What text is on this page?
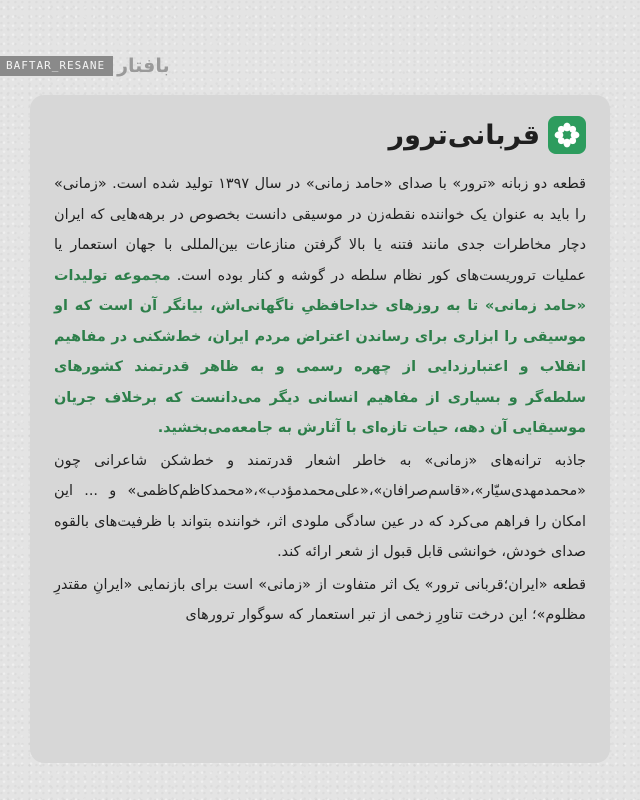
BAFTAR_RESANE بافتار
قربانی‌ترور

قطعه دو زبانه «ترور» با صدای «حامد زمانی» در سال ۱۳۹۷ تولید شده است. «زمانی» را باید به عنوان یک خواننده نقطه‌زن در موسیقی دانست بخصوص در برهه‌هایی که ایران دچار مخاطرات جدی مانند فتنه یا بالا گرفتن منازعات بین‌المللی با جهان استعمار یا عملیات تروریست‌های کور نظام سلطه در گوشه و کنار بوده است. مجموعه تولیدات «حامد زمانی» تا به روزهای خداحافظیِ ناگهانی‌اش، بیانگر آن است که او موسیقی را ابزاری برای رساندن اعتراض مردم ایران، خط‌شکنی در مفاهیم انقلاب و اعتبارزدایی از چهره رسمی و به ظاهر قدرتمند کشورهای سلطه‌گر و بسیاری از مفاهیم انسانی دیگر می‌دانست که برخلاف جریان موسیقایی آن دهه، حیات تازه‌ای با آثارش به جامعه‌می‌بخشید.

جاذبه ترانه‌های «زمانی» به خاطر اشعار قدرتمند و خط‌شکن شاعرانی چون «محمدمهدی‌سیّار»،«قاسم‌صرافان»،«علی‌محمدمؤدب»،«محمدکاظم‌کاظمی» و ... این امکان را فراهم می‌کرد که در عین سادگی ملودی اثر، خواننده بتواند با ظرفیت‌های بالقوه صدای خودش، خوانشی قابل قبول از شعر ارائه کند.

قطعه «ایران؛قربانی ترور» یک اثر متفاوت از «زمانی» است برای بازنمایی «ایرانِ مقتدرِ مظلوم»؛ این درخت تناورِ زخمی از تبر استعمار که سوگوار ترورهای
